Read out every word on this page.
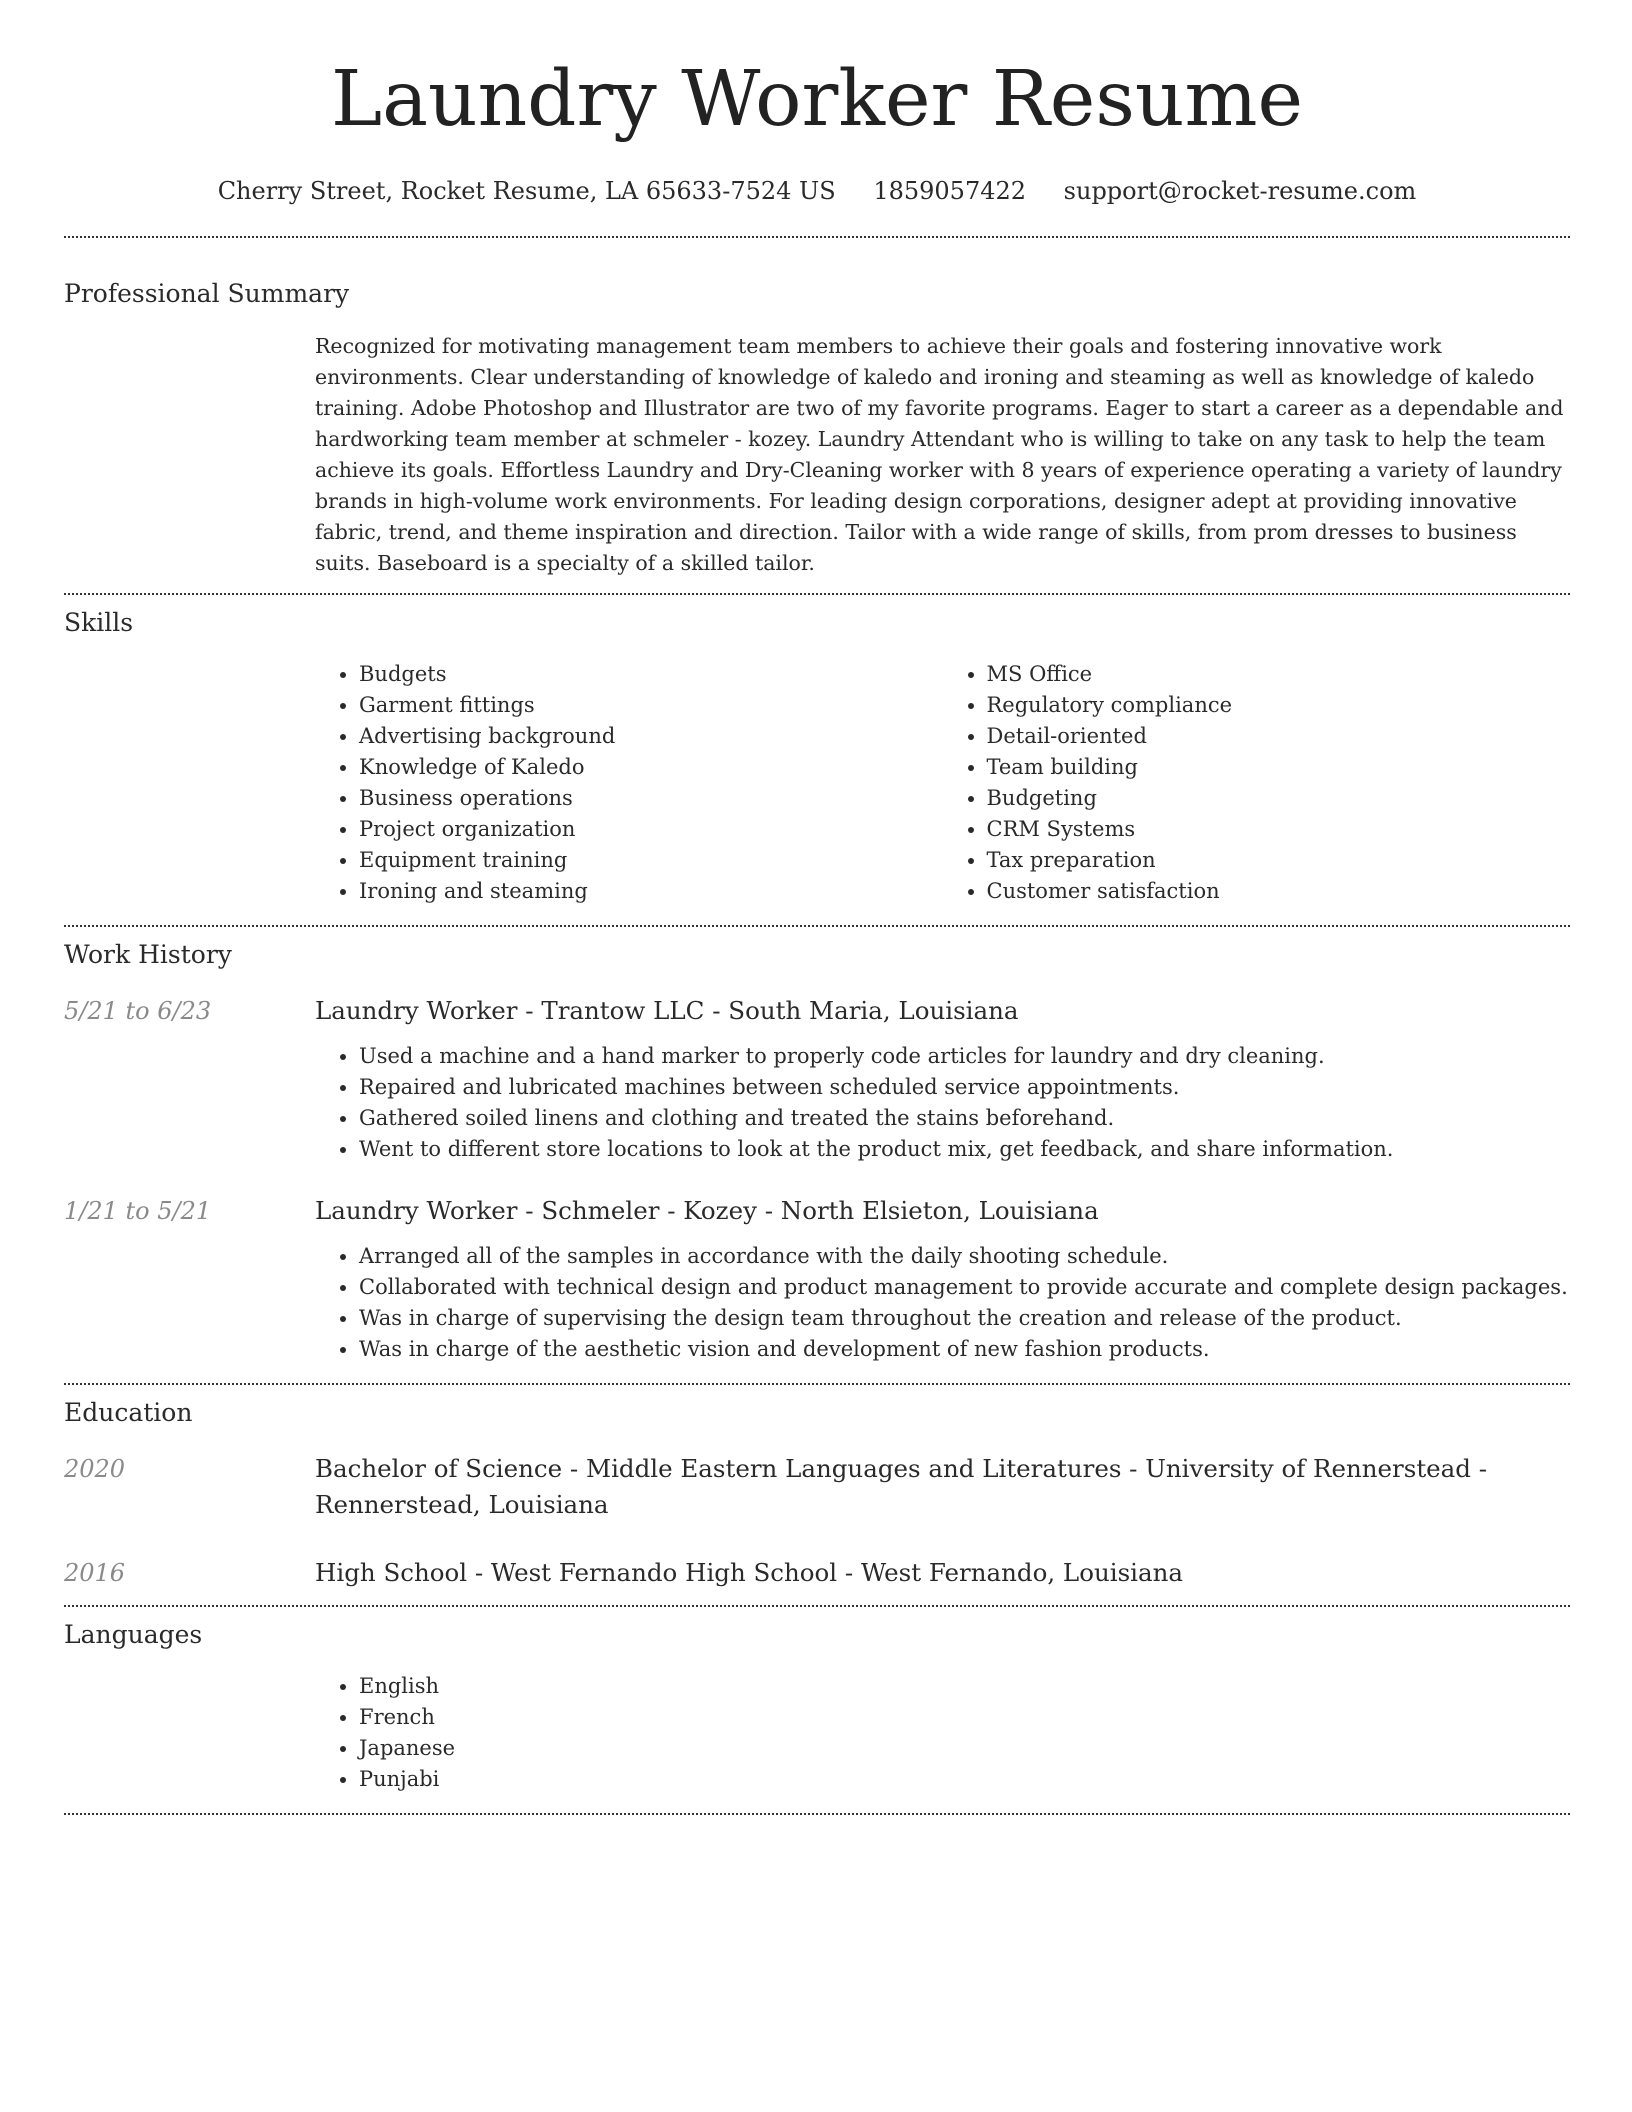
Laundry Worker Resume
Cherry Street, Rocket Resume, LA 65633-7524 US 1859057422 support@rocket-resume.com
Professional Summary
Recognized for motivating management team members to achieve their goals and fostering innovative work environments. Clear understanding of knowledge of kaledo and ironing and steaming as well as knowledge of kaledo training. Adobe Photoshop and Illustrator are two of my favorite programs. Eager to start a career as a dependable and hardworking team member at schmeler - kozey. Laundry Attendant who is willing to take on any task to help the team achieve its goals. Effortless Laundry and Dry-Cleaning worker with 8 years of experience operating a variety of laundry brands in high-volume work environments. For leading design corporations, designer adept at providing innovative fabric, trend, and theme inspiration and direction. Tailor with a wide range of skills, from prom dresses to business suits. Baseboard is a specialty of a skilled tailor.
Skills
• Budgets
• Garment fittings
• Advertising background
• Knowledge of Kaledo
• Business operations
• Project organization
• Equipment training
• Ironing and steaming
• MS Office
• Regulatory compliance
• Detail-oriented
• Team building
• Budgeting
• CRM Systems
• Tax preparation
• Customer satisfaction
Work History
5/21 to 6/23	Laundry Worker - Trantow LLC - South Maria, Louisiana
• Used a machine and a hand marker to properly code articles for laundry and dry cleaning.
• Repaired and lubricated machines between scheduled service appointments.
• Gathered soiled linens and clothing and treated the stains beforehand.
• Went to different store locations to look at the product mix, get feedback, and share information.
1/21 to 5/21	Laundry Worker - Schmeler - Kozey - North Elsieton, Louisiana
• Arranged all of the samples in accordance with the daily shooting schedule.
• Collaborated with technical design and product management to provide accurate and complete design packages.
• Was in charge of supervising the design team throughout the creation and release of the product.
• Was in charge of the aesthetic vision and development of new fashion products.
Education
2020	Bachelor of Science - Middle Eastern Languages and Literatures - University of Rennerstead - Rennerstead, Louisiana
2016	High School - West Fernando High School - West Fernando, Louisiana
Languages
• English
• French
• Japanese
• Punjabi
